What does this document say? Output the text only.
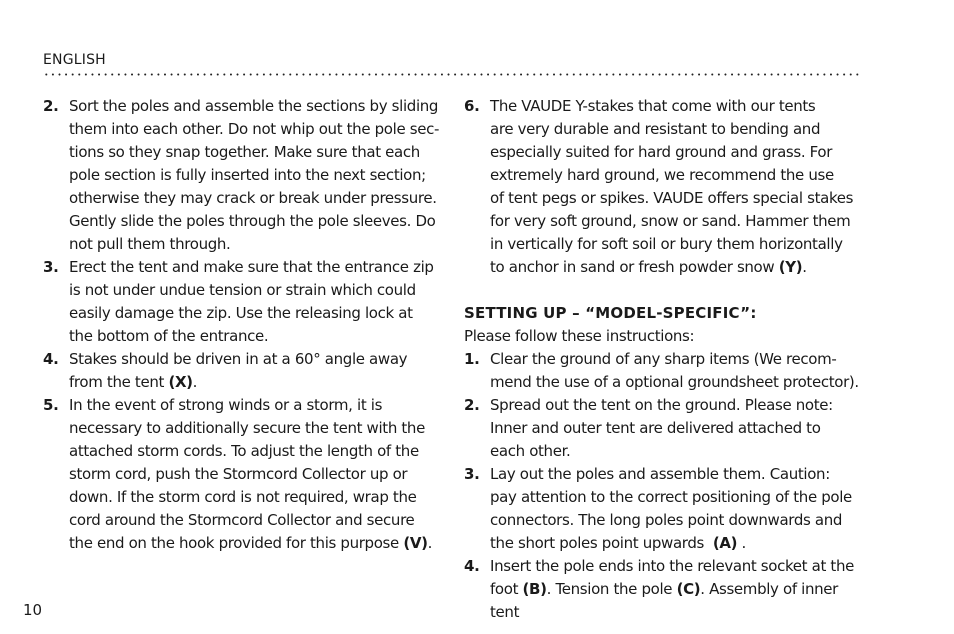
ENGLISH
2. Sort the poles and assemble the sections by sliding
them into each other. Do not whip out the pole sec-
tions so they snap together. Make sure that each
pole section is fully inserted into the next section;
otherwise they may crack or break under pressure.
Gently slide the poles through the pole sleeves. Do
not pull them through.
3. Erect the tent and make sure that the entrance zip
is not under undue tension or strain which could
easily damage the zip. Use the releasing lock at
the bottom of the entrance.
4. Stakes should be driven in at a 60° angle away
from the tent (X).
5. In the event of strong winds or a storm, it is
necessary to additionally secure the tent with the
attached storm cords. To adjust the length of the
storm cord, push the Stormcord Collector up or
down. If the storm cord is not required, wrap the
cord around the Stormcord Collector and secure
the end on the hook provided for this purpose (V).
6. The VAUDE Y-stakes that come with our tents
are very durable and resistant to bending and
especially suited for hard ground and grass. For
extremely hard ground, we recommend the use
of tent pegs or spikes. VAUDE offers special stakes
for very soft ground, snow or sand. Hammer them
in vertically for soft soil or bury them horizontally
to anchor in sand or fresh powder snow (Y).
SETTING UP – “MODEL-SPECIFIC”:
Please follow these instructions:
1. Clear the ground of any sharp items (We recom-
mend the use of a optional groundsheet protector).
2. Spread out the tent on the ground. Please note:
Inner and outer tent are delivered attached to
each other.
3. Lay out the poles and assemble them. Caution:
pay attention to the correct positioning of the pole
connectors. The long poles point downwards and
the short poles point upwards  (A) .
4. Insert the pole ends into the relevant socket at the
foot (B). Tension the pole (C). Assembly of inner tent
10
